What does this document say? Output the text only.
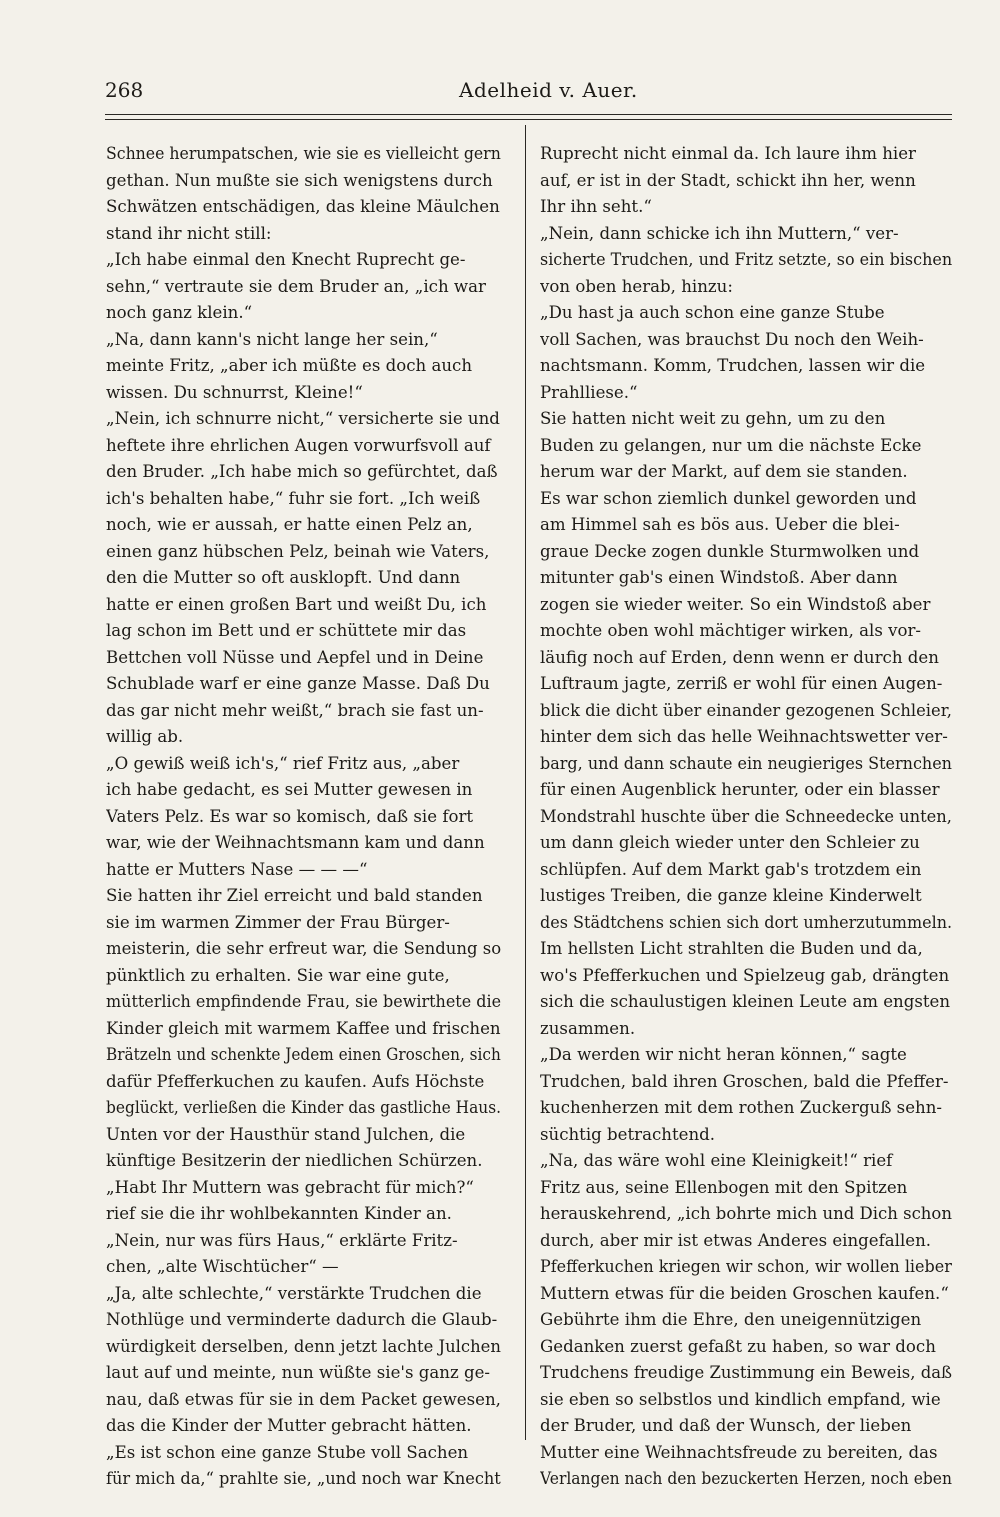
268	Adelheid v. Auer.
Schnee herumpatschen, wie sie es vielleicht gern
gethan. Nun mußte sie sich wenigstens durch
Schwätzen entschädigen, das kleine Mäulchen
stand ihr nicht still:
„Ich habe einmal den Knecht Ruprecht ge-
sehn,“ vertraute sie dem Bruder an, „ich war
noch ganz klein.“
„Na, dann kann's nicht lange her sein,“
meinte Fritz, „aber ich müßte es doch auch
wissen. Du schnurrst, Kleine!“
„Nein, ich schnurre nicht,“ versicherte sie und
heftete ihre ehrlichen Augen vorwurfsvoll auf
den Bruder. „Ich habe mich so gefürchtet, daß
ich's behalten habe,“ fuhr sie fort. „Ich weiß
noch, wie er aussah, er hatte einen Pelz an,
einen ganz hübschen Pelz, beinah wie Vaters,
den die Mutter so oft ausklopft. Und dann
hatte er einen großen Bart und weißt Du, ich
lag schon im Bett und er schüttete mir das
Bettchen voll Nüsse und Aepfel und in Deine
Schublade warf er eine ganze Masse. Daß Du
das gar nicht mehr weißt,“ brach sie fast un-
willig ab.
„O gewiß weiß ich's,“ rief Fritz aus, „aber
ich habe gedacht, es sei Mutter gewesen in
Vaters Pelz. Es war so komisch, daß sie fort
war, wie der Weihnachtsmann kam und dann
hatte er Mutters Nase — — —“
Sie hatten ihr Ziel erreicht und bald standen
sie im warmen Zimmer der Frau Bürger-
meisterin, die sehr erfreut war, die Sendung so
pünktlich zu erhalten. Sie war eine gute,
mütterlich empfindende Frau, sie bewirthete die
Kinder gleich mit warmem Kaffee und frischen
Brätzeln und schenkte Jedem einen Groschen, sich
dafür Pfefferkuchen zu kaufen. Aufs Höchste
beglückt, verließen die Kinder das gastliche Haus.
Unten vor der Hausthür stand Julchen, die
künftige Besitzerin der niedlichen Schürzen.
„Habt Ihr Muttern was gebracht für mich?“
rief sie die ihr wohlbekannten Kinder an.
„Nein, nur was fürs Haus,“ erklärte Fritz-
chen, „alte Wischtücher“ —
„Ja, alte schlechte,“ verstärkte Trudchen die
Nothlüge und verminderte dadurch die Glaub-
würdigkeit derselben, denn jetzt lachte Julchen
laut auf und meinte, nun wüßte sie's ganz ge-
nau, daß etwas für sie in dem Packet gewesen,
das die Kinder der Mutter gebracht hätten.
„Es ist schon eine ganze Stube voll Sachen
für mich da,“ prahlte sie, „und noch war Knecht
Ruprecht nicht einmal da. Ich laure ihm hier
auf, er ist in der Stadt, schickt ihn her, wenn
Ihr ihn seht.“
„Nein, dann schicke ich ihn Muttern,“ ver-
sicherte Trudchen, und Fritz setzte, so ein bischen
von oben herab, hinzu:
„Du hast ja auch schon eine ganze Stube
voll Sachen, was brauchst Du noch den Weih-
nachtsmann. Komm, Trudchen, lassen wir die
Prahlliese.“
Sie hatten nicht weit zu gehn, um zu den
Buden zu gelangen, nur um die nächste Ecke
herum war der Markt, auf dem sie standen.
Es war schon ziemlich dunkel geworden und
am Himmel sah es bös aus. Ueber die blei-
graue Decke zogen dunkle Sturmwolken und
mitunter gab's einen Windstoß. Aber dann
zogen sie wieder weiter. So ein Windstoß aber
mochte oben wohl mächtiger wirken, als vor-
läufig noch auf Erden, denn wenn er durch den
Luftraum jagte, zerriß er wohl für einen Augen-
blick die dicht über einander gezogenen Schleier,
hinter dem sich das helle Weihnachtswetter ver-
barg, und dann schaute ein neugieriges Sternchen
für einen Augenblick herunter, oder ein blasser
Mondstrahl huschte über die Schneedecke unten,
um dann gleich wieder unter den Schleier zu
schlüpfen. Auf dem Markt gab's trotzdem ein
lustiges Treiben, die ganze kleine Kinderwelt
des Städtchens schien sich dort umherzutummeln.
Im hellsten Licht strahlten die Buden und da,
wo's Pfefferkuchen und Spielzeug gab, drängten
sich die schaulustigen kleinen Leute am engsten
zusammen.
„Da werden wir nicht heran können,“ sagte
Trudchen, bald ihren Groschen, bald die Pfeffer-
kuchenherzen mit dem rothen Zuckerguß sehn-
süchtig betrachtend.
„Na, das wäre wohl eine Kleinigkeit!“ rief
Fritz aus, seine Ellenbogen mit den Spitzen
herauskehrend, „ich bohrte mich und Dich schon
durch, aber mir ist etwas Anderes eingefallen.
Pfefferkuchen kriegen wir schon, wir wollen lieber
Muttern etwas für die beiden Groschen kaufen.“
Gebührte ihm die Ehre, den uneigennützigen
Gedanken zuerst gefaßt zu haben, so war doch
Trudchens freudige Zustimmung ein Beweis, daß
sie eben so selbstlos und kindlich empfand, wie
der Bruder, und daß der Wunsch, der lieben
Mutter eine Weihnachtsfreude zu bereiten, das
Verlangen nach den bezuckerten Herzen, noch eben
